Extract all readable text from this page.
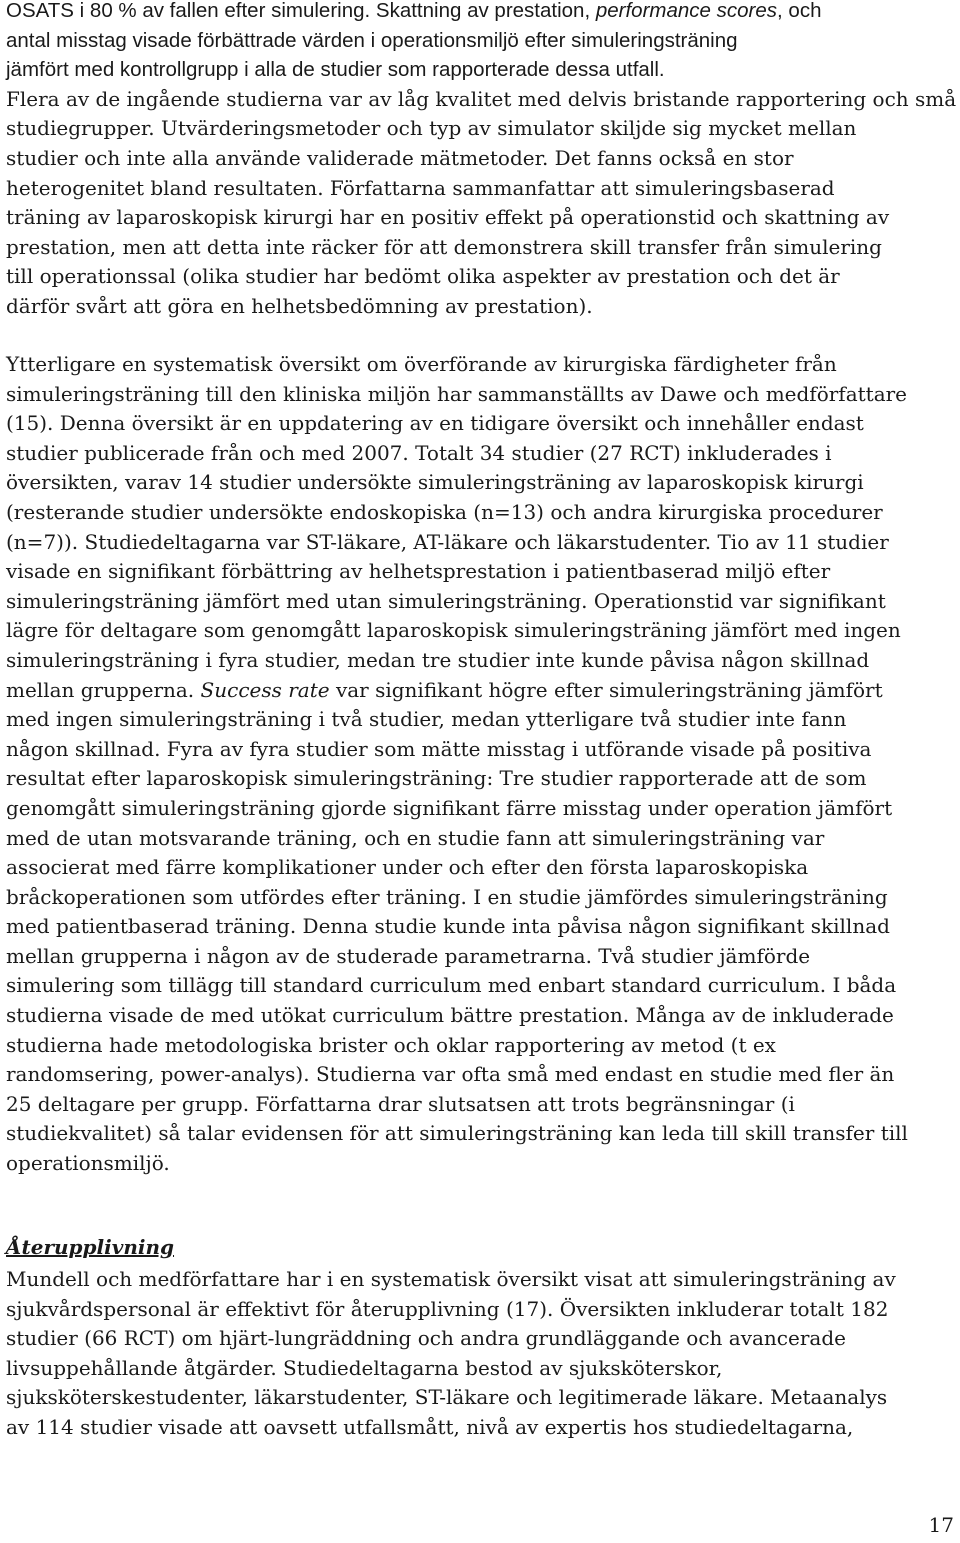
OSATS i 80 % av fallen efter simulering. Skattning av prestation, performance scores, och
antal misstag visade förbättrade värden i operationsmiljö efter simuleringsträning
jämfört med kontrollgrupp i alla de studier som rapporterade dessa utfall.
Flera av de ingående studierna var av låg kvalitet med delvis bristande rapportering och små
studiegrupper. Utvärderingsmetoder och typ av simulator skiljde sig mycket mellan
studier och inte alla använde validerade mätmetoder. Det fanns också en stor
heterogenitet bland resultaten. Författarna sammanfattar att simuleringsbaserad
träning av laparoskopisk kirurgi har en positiv effekt på operationstid och skattning av
prestation, men att detta inte räcker för att demonstrera skill transfer från simulering
till operationssal (olika studier har bedömt olika aspekter av prestation och det är
därför svårt att göra en helhetsbedömning av prestation).
Ytterligare en systematisk översikt om överförande av kirurgiska färdigheter från
simuleringsträning till den kliniska miljön har sammanställts av Dawe och medförfattare
(15). Denna översikt är en uppdatering av en tidigare översikt och innehåller endast
studier publicerade från och med 2007. Totalt 34 studier (27 RCT) inkluderades i
översikten, varav 14 studier undersökte simuleringsträning av laparoskopisk kirurgi
(resterande studier undersökte endoskopiska (n=13) och andra kirurgiska procedurer
(n=7)). Studiedeltagarna var ST-läkare, AT-läkare och läkarstudenter. Tio av 11 studier
visade en signifikant förbättring av helhetsprestation i patientbaserad miljö efter
simuleringsträning jämfört med utan simuleringsträning. Operationstid var signifikant
lägre för deltagare som genomgått laparoskopisk simuleringsträning jämfört med ingen
simuleringsträning i fyra studier, medan tre studier inte kunde påvisa någon skillnad
mellan grupperna. Success rate var signifikant högre efter simuleringsträning jämfört
med ingen simuleringsträning i två studier, medan ytterligare två studier inte fann
någon skillnad. Fyra av fyra studier som mätte misstag i utförande visade på positiva
resultat efter laparoskopisk simuleringsträning: Tre studier rapporterade att de som
genomgått simuleringsträning gjorde signifikant färre misstag under operation jämfört
med de utan motsvarande träning, och en studie fann att simuleringsträning var
associerat med färre komplikationer under och efter den första laparoskopiska
bråckoperationen som utfördes efter träning. I en studie jämfördes simuleringsträning
med patientbaserad träning. Denna studie kunde inta påvisa någon signifikant skillnad
mellan grupperna i någon av de studerade parametrarna. Två studier jämförde
simulering som tillägg till standard curriculum med enbart standard curriculum. I båda
studierna visade de med utökat curriculum bättre prestation. Många av de inkluderade
studierna hade metodologiska brister och oklar rapportering av metod (t ex
randomsering, power-analys). Studierna var ofta små med endast en studie med fler än
25 deltagare per grupp. Författarna drar slutsatsen att trots begränsningar (i
studiekvalitet) så talar evidensen för att simuleringsträning kan leda till skill transfer till
operationsmiljö.
Återupplivning
Mundell och medförfattare har i en systematisk översikt visat att simuleringsträning av
sjukvårdspersonal är effektivt för återupplivning (17). Översikten inkluderar totalt 182
studier (66 RCT) om hjärt-lungräddning och andra grundläggande och avancerade
livsuppehållande åtgärder. Studiedeltagarna bestod av sjuksköterskor,
sjuksköterskestudenter, läkarstudenter, ST-läkare och legitimerade läkare. Metaanalys
av 114 studier visade att oavsett utfallsmått, nivå av expertis hos studiedeltagarna,
17
